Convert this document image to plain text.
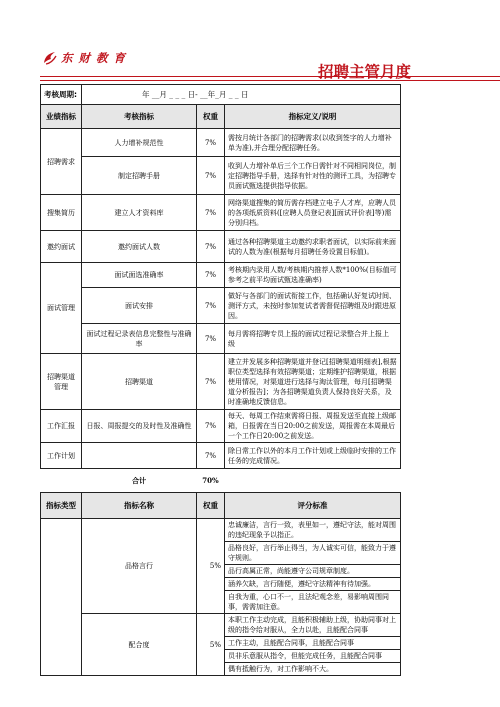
东 财 教 育
招聘主管月度
考核周期:	年 __月 _ _ _ 日- __年_月 _ _ 日		
业绩指标	考核指标	权重	指标定义/说明
招聘需求	人力增补规范性	7%	需按月统计各部门的招聘需求(以收到签字的人力增补单为准),并合理分配招聘任务。
	制定招聘手册	7%	收到人力增补单后三个工作日需针对不同相同岗位，制定招聘指导手册，选择有针对性的测评工具，为招聘专员面试甄选提供指导依据。
搜集简历	建立人才资料库	7%	网络渠道搜集的简历需存档建立电子人才库，应聘人员的各项纸质资料([应聘人员登记表][面试评价表]等)需分别归档。
邀约面试	邀约面试人数	7%	通过各种招聘渠道主动邀约求职者面试，以实际前来面试的人数为准(根据每月招聘任务设置目标值)。
面试管理	面试面选准确率	7%	考核期内录用人数/考核期内推荐人数*100%(目标值可参考之前平均面试甄选准确率)
	面试安排	7%	做好与各部门的面试衔接工作，包括确认好复试时间、测评方式，未按时参加复试者需督促招聘组及时跟进原因。
	面试过程记录表信息完整性与准确率	7%	每月需将招聘专员上报的面试过程记录整合并上报上 级
招聘渠道管理	招聘渠道	7%	建立并发展多种招聘渠道并登记[招聘渠道明细表],根据职位类型选择有效招聘渠道；定期维护招聘渠道，根据使用情况，对渠道进行选择与淘汰管理，每月[招聘渠道分析报告]；为各招聘渠道负责人保持良好关系，及时准确地反馈信息。
工作汇报	日报、周报提交的及时性及准确性	7%	每天、每周工作结束需将日报、周报发送至直接上级邮箱，日报需在当日20:00之前发送，周报需在本周最后一个工作日20:00之前发送。
工作计划		7%	除日常工作以外的本月工作计划或上级临时安排的工作任务的完成情况。
	合计	70%	
指标类型	指标名称	权重	评分标准
	品格言行	5%	忠诚廉洁，言行一致，表里如一，遵纪守法，能对周围的违纪现象予以指正。
			品格良好，言行举止得当，为人诚实可信，能致力于遵守规则。
			品行高属正常，尚能遵守公司规章制度。
			涵养欠缺，言行随便，遵纪守法精神有待加强。
			自我为重，心口不一，且法纪观念差，易影响周围同事，需需加注意。
	配合度	5%	本职工作主动完成，且能积极辅助上级，协助同事对上级的指令给对服从，全力以赴，且能配合同事
			工作主动，且能配合同事，且能配合同事
			员非乐意服从指令，但能完成任务，且能配合同事
			偶有抵触行为，对工作影响不大。
